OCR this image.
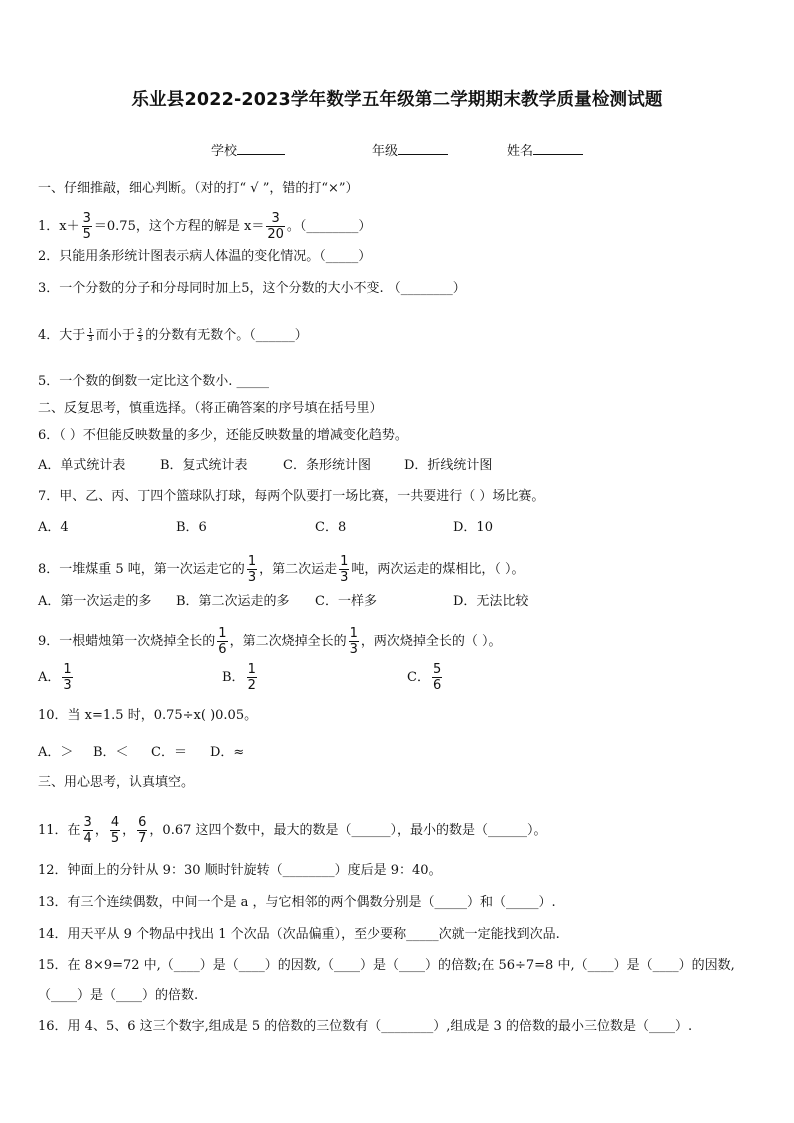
乐业县2022-2023学年数学五年级第二学期期末教学质量检测试题
学校	年级	姓名
一、仔细推敲，细心判断。（对的打“ √ ”，错的打“×”）
1．$x+ \frac{3}{5} =0.75$，这个方程的解是 $x= \frac{3}{20}$ 。（________）
2．只能用条形统计图表示病人体温的变化情况。（_____）
3．一个分数的分子和分母同时加上5，这个分数的大小不变. （________）
4．大于 $\frac{1}{3}$ 而小于 $\frac{2}{3}$ 的分数有无数个。（______）
5．一个数的倒数一定比这个数小. _____
二、反复思考，慎重选择。（将正确答案的序号填在括号里）
6．（ ）不但能反映数量的多少，还能反映数量的增减变化趋势。
A．单式统计表	B．复式统计表	C．条形统计图	D．折线统计图
7．甲、乙、丙、丁四个篮球队打球，每两个队要打一场比赛，一共要进行（ ）场比赛。
A．4	B．6	C．8	D．10
8．一堆煤重 5 吨，第一次运走它的 $\frac{1}{3}$ ，第二次运走 $\frac{1}{3}$ 吨，两次运走的煤相比，（ ）。
A．第一次运走的多 B．第二次运走的多 C．一样多	D．无法比较
9．一根蜡烛第一次烧掉全长的 $\frac{1}{6}$ ，第二次烧掉全长的 $\frac{1}{3}$ ，两次烧掉全长的（ ）。
A． $\frac{1}{3}$	B． $\frac{1}{2}$	C． $\frac{5}{6}$
10．当 x=1.5 时，0.75÷x( )0.05。
A．＞ B．＜ C．＝ D．≈
三、用心思考，认真填空。
11．在 $\frac{3}{4}$ ， $\frac{4}{5}$ ， $\frac{6}{7}$ ，0.67 这四个数中，最大的数是（______），最小的数是（______）。
12．钟面上的分针从 9：30 顺时针旋转（________）度后是 9：40。
13．有三个连续偶数，中间一个是 a ，与它相邻的两个偶数分别是（_____）和（_____）.
14．用天平从 9 个物品中找出 1 个次品（次品偏重），至少要称_____次就一定能找到次品.
15．在 8×9=72 中,（____）是（____）的因数,（____）是（____）的倍数;在 56÷7=8 中,（____）是（____）的因数,
（____）是（____）的倍数.
16．用 4、5、6 这三个数字,组成是 5 的倍数的三位数有（________）,组成是 3 的倍数的最小三位数是（____）.
